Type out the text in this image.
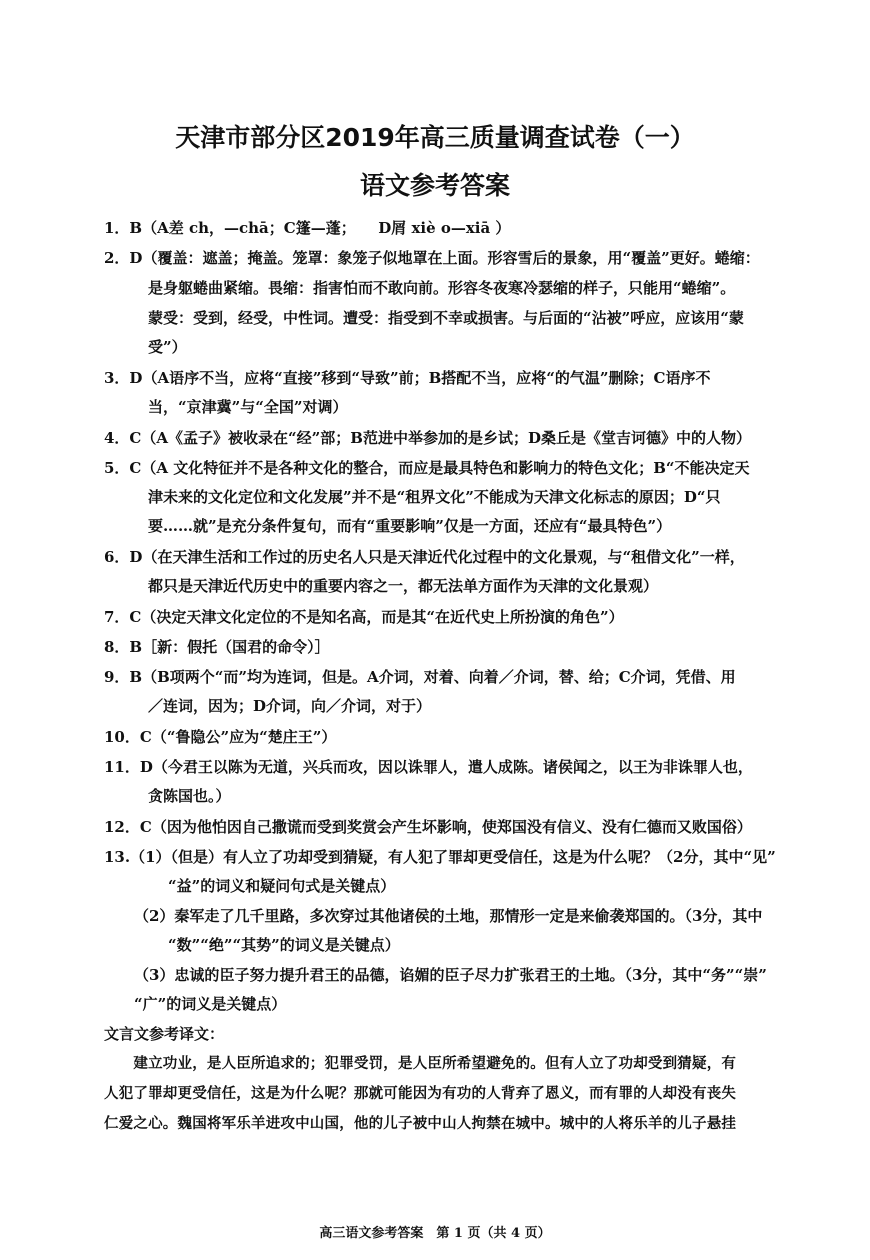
天津市部分区2019年高三质量调查试卷（一）
语文参考答案
1．B（A差 ch，—chā；C篷—蓬；　　D屑 xiè o—xiā ）
2．D（覆盖：遮盖；掩盖。笼罩：象笼子似地罩在上面。形容雪后的景象，用“覆盖”更好。蜷缩：
是身躯蜷曲紧缩。畏缩：指害怕而不敢向前。形容冬夜寒冷瑟缩的样子，只能用“蜷缩”。
蒙受：受到，经受，中性词。遭受：指受到不幸或损害。与后面的“沾被”呼应，应该用“蒙
受”）
3．D（A语序不当，应将“直接”移到“导致”前；B搭配不当，应将“的气温”删除；C语序不
当，“京津冀”与“全国”对调）
4．C（A《孟子》被收录在“经”部；B范进中举参加的是乡试；D桑丘是《堂吉诃德》中的人物）
5．C（A 文化特征并不是各种文化的整合，而应是最具特色和影响力的特色文化；B“不能决定天
津未来的文化定位和文化发展”并不是“租界文化”不能成为天津文化标志的原因；D“只
要……就”是充分条件复句，而有“重要影响”仅是一方面，还应有“最具特色”）
6．D（在天津生活和工作过的历史名人只是天津近代化过程中的文化景观，与“租借文化”一样，
都只是天津近代历史中的重要内容之一，都无法单方面作为天津的文化景观）
7．C（决定天津文化定位的不是知名高，而是其“在近代史上所扮演的角色”）
8．B［新：假托（国君的命令）］
9．B（B项两个“而”均为连词，但是。A介词，对着、向着／介词，替、给；C介词，凭借、用
／连词，因为；D介词，向／介词，对于）
10．C（“鲁隐公”应为“楚庄王”）
11．D（今君王以陈为无道，兴兵而攻，因以诛罪人，遣人成陈。诸侯闻之，以王为非诛罪人也，
贪陈国也。）
12．C（因为他怕因自己撒谎而受到奖赏会产生坏影响，使郑国没有信义、没有仁德而又败国俗）
13.（1）（但是）有人立了功却受到猜疑，有人犯了罪却更受信任，这是为什么呢？（2分，其中“见”
“益”的词义和疑问句式是关键点）
（2）秦军走了几千里路，多次穿过其他诸侯的土地，那情形一定是来偷袭郑国的。（3分，其中
“数”“绝”“其势”的词义是关键点）
（3）忠诚的臣子努力提升君王的品德，谄媚的臣子尽力扩张君王的土地。（3分，其中“务”“崇”
“广”的词义是关键点）
文言文参考译文：
　　建立功业，是人臣所追求的；犯罪受罚，是人臣所希望避免的。但有人立了功却受到猜疑，有
人犯了罪却更受信任，这是为什么呢？那就可能因为有功的人背弃了恩义，而有罪的人却没有丧失
仁爱之心。魏国将军乐羊进攻中山国，他的儿子被中山人拘禁在城中。城中的人将乐羊的儿子悬挂
高三语文参考答案　第 1 页（共 4 页）
